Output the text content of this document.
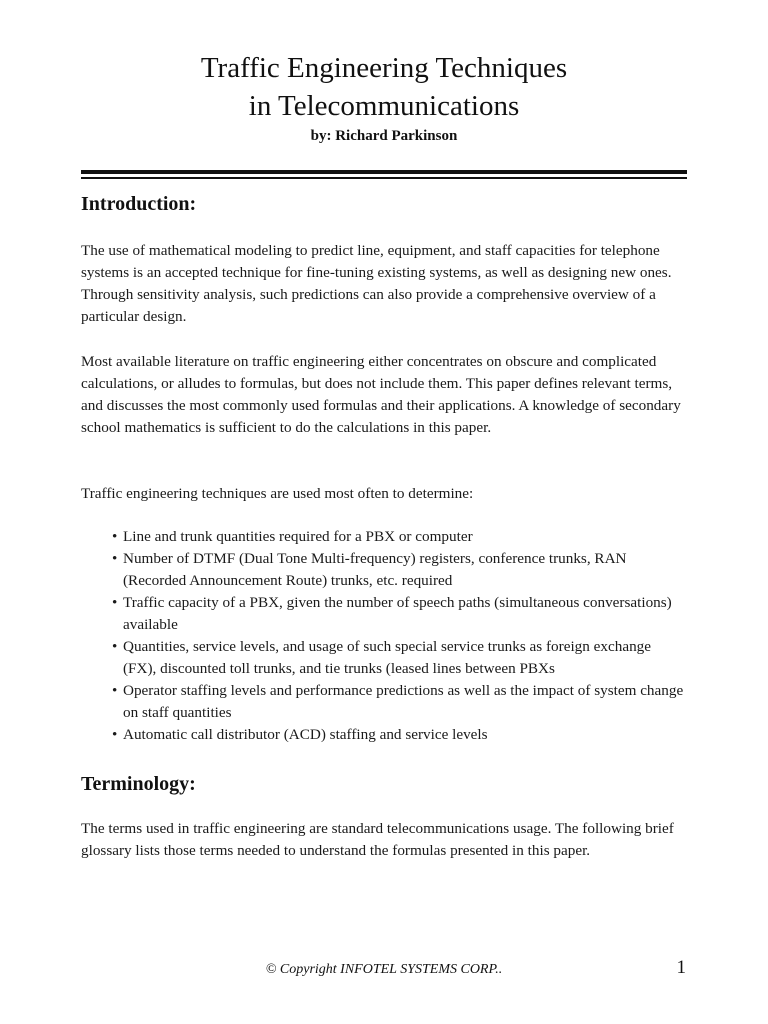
Traffic Engineering Techniques
in Telecommunications
by: Richard Parkinson
Introduction:

The use of mathematical modeling to predict line, equipment, and staff capacities for telephone systems is an accepted technique for fine-tuning existing systems, as well as designing new ones. Through sensitivity analysis, such predictions can also provide a comprehensive overview of a particular design.

Most available literature on traffic engineering either concentrates on obscure and complicated calculations, or alludes to formulas, but does not include them. This paper defines relevant terms, and discusses the most commonly used formulas and their applications. A knowledge of secondary school mathematics is sufficient to do the calculations in this paper.

Traffic engineering techniques are used most often to determine:

• Line and trunk quantities required for a PBX or computer
• Number of DTMF (Dual Tone Multi-frequency) registers, conference trunks, RAN (Recorded Announcement Route) trunks, etc. required
• Traffic capacity of a PBX, given the number of speech paths (simultaneous conversations) available
• Quantities, service levels, and usage of such special service trunks as foreign exchange (FX), discounted toll trunks, and tie trunks (leased lines between PBXs
• Operator staffing levels and performance predictions as well as the impact of system change on staff quantities
• Automatic call distributor (ACD) staffing and service levels
Terminology:

The terms used in traffic engineering are standard telecommunications usage. The following brief glossary lists those terms needed to understand the formulas presented in this paper.

© Copyright INFOTEL SYSTEMS CORP..	1
